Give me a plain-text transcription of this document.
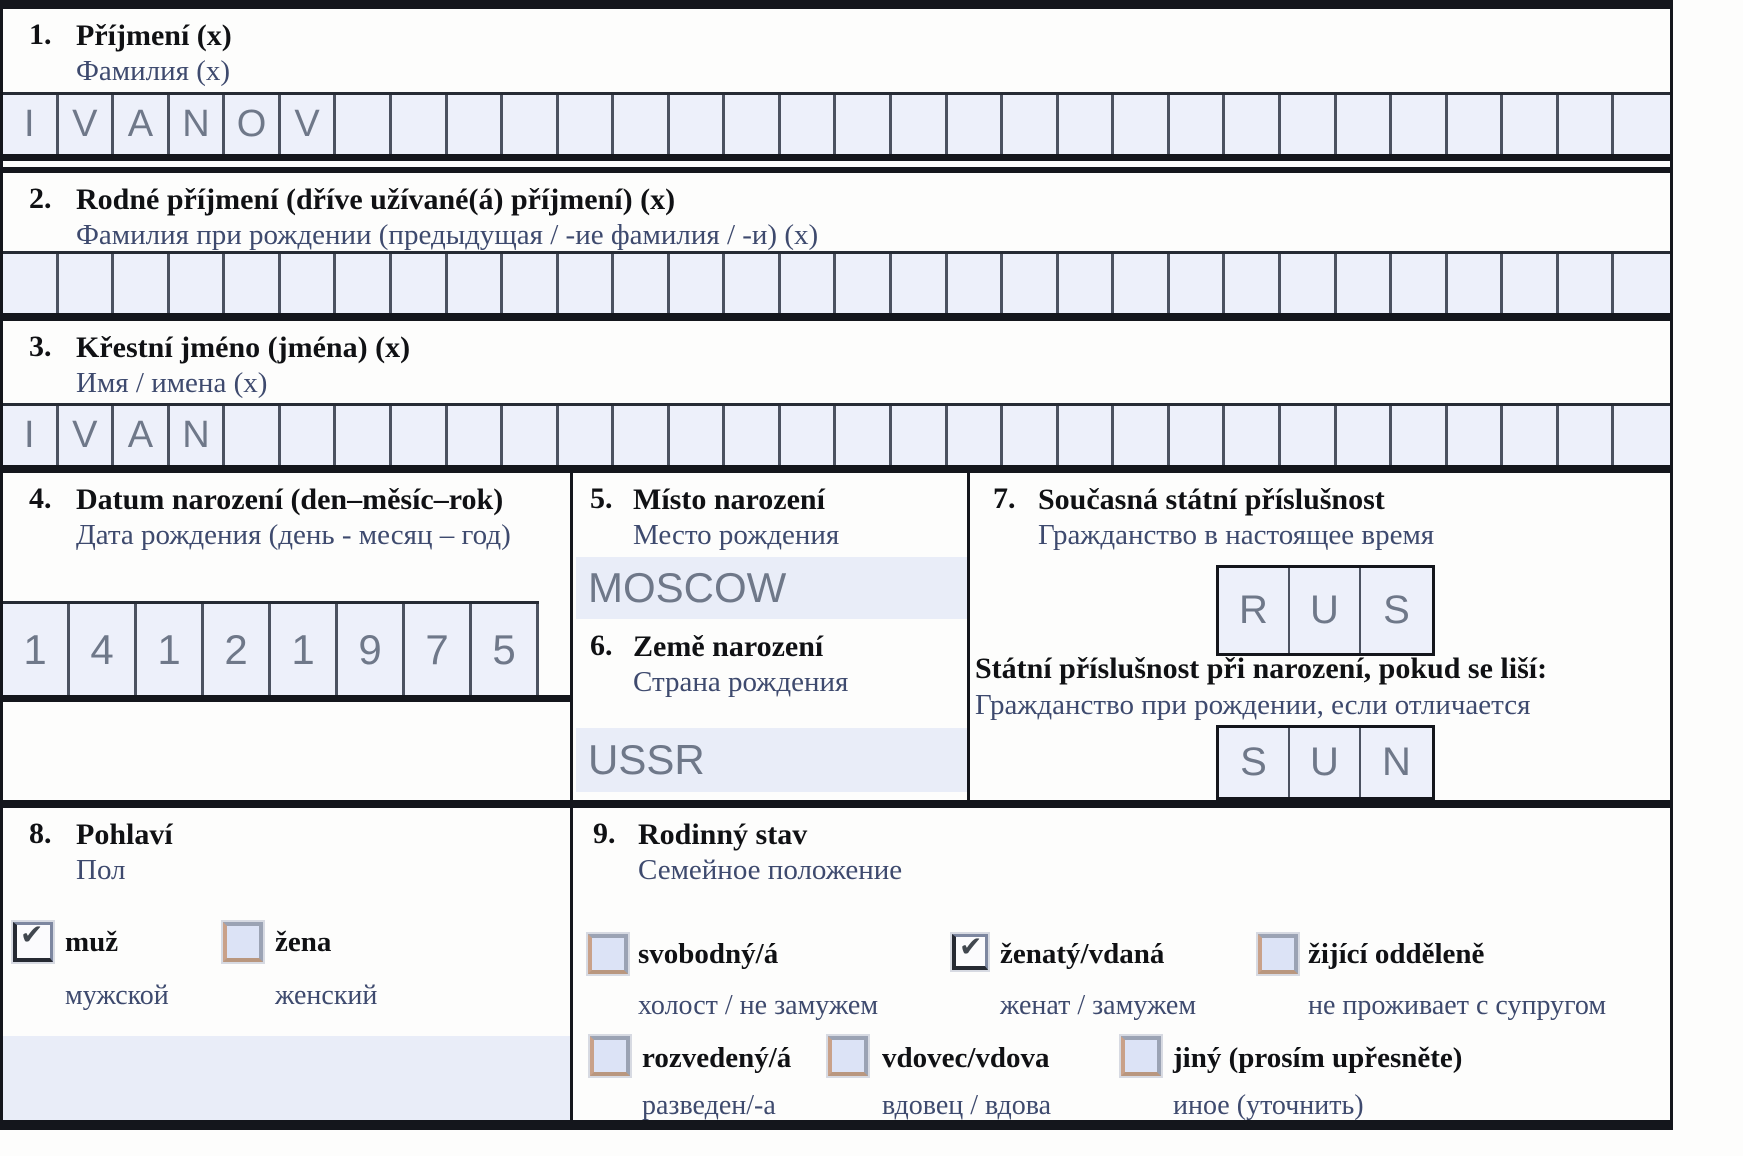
1. Příjmení (x)
Фамилия (x)
I V A N O V
2. Rodné příjmení (dříve užívané(á) příjmení) (x)
Фамилия при рождении (предыдущая / -ие фамилия / -и) (x)
3. Křestní jméno (jména) (x)
Имя / имена (x)
I V A N
4. Datum narození (den–měsíc–rok)
Дата рождения (день - месяц – год)
1	4	1	2	1	9	7	5
5. Místo narození
Место рождения
MOSCOW
6. Země narození
Страна рождения
USSR
7. Současná státní příslušnost
Гражданство в настоящее время
R	U	S
Státní příslušnost při narození, pokud se liší:
Гражданство при рождении, если отличается
S	U	N
8. Pohlaví
Пол
✔
muž
мужской
žena
женский
9. Rodinný stav
Семейное положение
svobodný/á
холост / не замужем
✔
ženatý/vdaná
женат / замужем
žijící odděleně
не проживает с супругом
rozvedený/á
разведен/-а
vdovec/vdova
вдовец / вдова
jiný (prosím upřesněte)
иное (уточнить)
